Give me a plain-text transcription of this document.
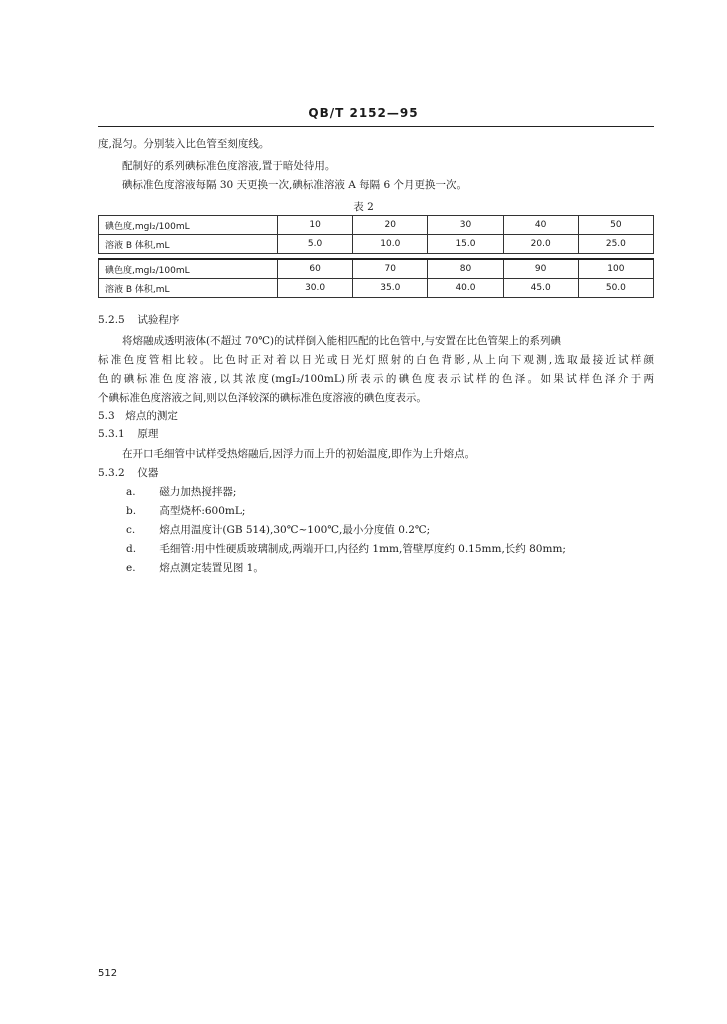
QB/T 2152—95
度,混匀。分别装入比色管至刻度线。
配制好的系列碘标准色度溶液,置于暗处待用。
碘标准色度溶液每隔 30 天更换一次,碘标准溶液 A 每隔 6 个月更换一次。
表 2
碘色度,mgI₂/100mL	10	20	30	40	50
溶液 B 体积,mL	5.0	10.0	15.0	20.0	25.0

碘色度,mgI₂/100mL	60	70	80	90	100
溶液 B 体积,mL	30.0	35.0	40.0	45.0	50.0
5.2.5 试验程序
将熔融成透明液体(不超过 70℃)的试样倒入能相匹配的比色管中,与安置在比色管架上的系列碘
标准色度管相比较。比色时正对着以日光或日光灯照射的白色背影,从上向下观测,选取最接近试样颜
色的碘标准色度溶液,以其浓度(mgI₂/100mL)所表示的碘色度表示试样的色泽。如果试样色泽介于两
个碘标准色度溶液之间,则以色泽较深的碘标准色度溶液的碘色度表示。
5.3 熔点的测定
5.3.1 原理
在开口毛细管中试样受热熔融后,因浮力而上升的初始温度,即作为上升熔点。
5.3.2 仪器
a. 磁力加热搅拌器;
b. 高型烧杯:600mL;
c. 熔点用温度计(GB 514),30℃~100℃,最小分度值 0.2℃;
d. 毛细管:用中性硬质玻璃制成,两端开口,内径约 1mm,管壁厚度约 0.15mm,长约 80mm;
e. 熔点测定装置见图 1。
512
